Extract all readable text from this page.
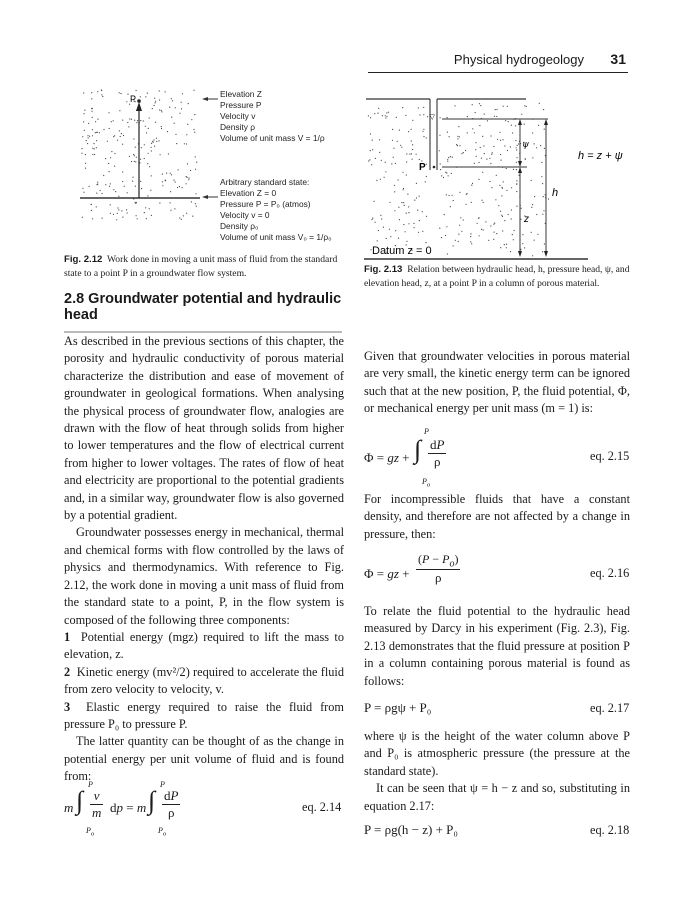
Physical hydrogeology 31
P	Elevation Z
Pressure P
Velocity v
Density ρ
Volume of unit mass V = 1/ρ
Arbitrary standard state:
Elevation Z = 0
Pressure P = P₀ (atmos)
Velocity v = 0
Density ρ₀
Volume of unit mass V₀ = 1/ρ₀
Fig. 2.12 Work done in moving a unit mass of fluid from the standard state to a point P in a groundwater flow system.
▽
P
ψ
z
h
h = z + ψ
Datum z = 0
Fig. 2.13 Relation between hydraulic head, h, pressure head, ψ, and elevation head, z, at a point P in a column of porous material.
2.8 Groundwater potential and hydraulic head

As described in the previous sections of this chapter, the porosity and hydraulic conductivity of porous material characterize the distribution and ease of movement of groundwater in geological formations. When analysing the physical process of groundwater flow, analogies are drawn with the flow of heat through solids from higher to lower temperatures and the flow of electrical current from higher to lower voltages. The rates of flow of heat and electricity are proportional to the potential gradients and, in a similar way, groundwater flow is also governed by a potential gradient.

Groundwater possesses energy in mechanical, thermal and chemical forms with flow controlled by the laws of physics and thermodynamics. With reference to Fig. 2.12, the work done in moving a unit mass of fluid from the standard state to a point, P, in the flow system is composed of the following three components:

1 Potential energy (mgz) required to lift the mass to elevation, z.

2 Kinetic energy (mv²/2) required to accelerate the fluid from zero velocity to velocity, v.

3 Elastic energy required to raise the fluid from pressure P₀ to pressure P.

The latter quantity can be thought of as the change in potential energy per unit volume of fluid and is found from:

m ∫
P
$P_o$
$\frac{v}{m}$ dp = m ∫
P
$P_o$
$\frac{dP}{\rho}$	eq. 2.14

Given that groundwater velocities in porous material are very small, the kinetic energy term can be ignored such that at the new position, P, the fluid potential, Φ, or mechanical energy per unit mass (m = 1) is:

Φ = gz + ∫
P
$P_o$
$\frac{dP}{\rho}$	eq. 2.15

For incompressible fluids that have a constant density, and therefore are not affected by a change in pressure, then:

Φ = gz + $\frac{(P - P_o)}{\rho}$	eq. 2.16

To relate the fluid potential to the hydraulic head measured by Darcy in his experiment (Fig. 2.3), Fig. 2.13 demonstrates that the fluid pressure at position P in a column containing porous material is found as follows:

P = ρgψ + P₀	eq. 2.17

where ψ is the height of the water column above P and P₀ is atmospheric pressure (the pressure at the standard state).

It can be seen that ψ = h − z and so, substituting in equation 2.17:

P = ρg(h − z) + P₀	eq. 2.18
